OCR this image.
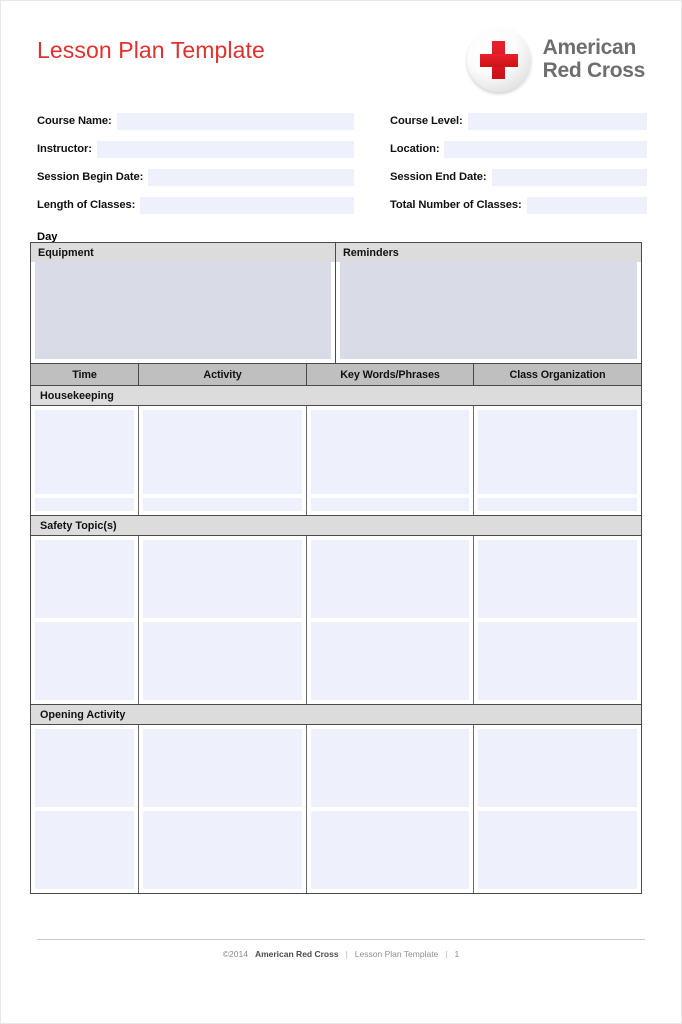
Lesson Plan Template	American
Red Cross
Course Name:
Instructor:
Session Begin Date:
Length of Classes:
Course Level:
Location:
Session End Date:
Total Number of Classes:
Day
Equipment	Reminders
Time	Activity	Key Words/Phrases	Class Organization
Housekeeping
Safety Topic(s)
Opening Activity
©2014 American Red Cross | Lesson Plan Template | 1
